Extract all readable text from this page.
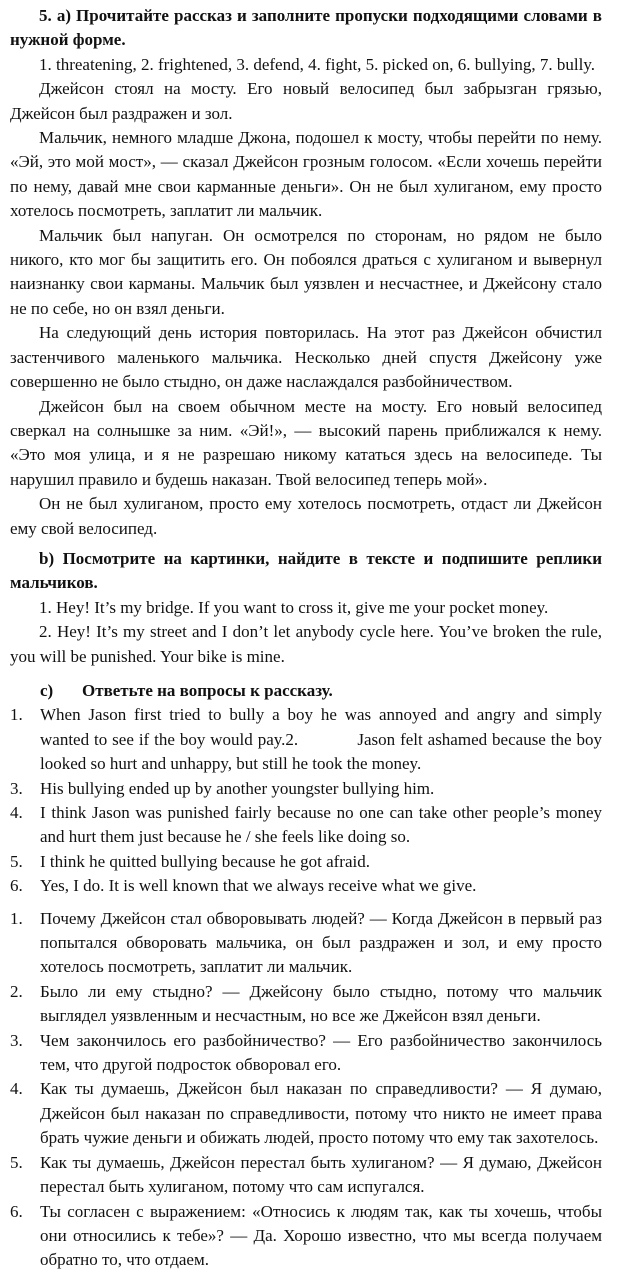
5. а) Прочитайте рассказ и заполните пропуски подходящими словами в нужной форме.

1. threatening, 2. frightened, 3. defend, 4. fight, 5. picked on, 6. bullying, 7. bully.

Джейсон стоял на мосту. Его новый велосипед был забрызган грязью, Джейсон был раздражен и зол.

Мальчик, немного младше Джона, подошел к мосту, чтобы перейти по нему. «Эй, это мой мост», — сказал Джейсон грозным голосом. «Если хочешь перейти по нему, давай мне свои карманные деньги». Он не был хулиганом, ему просто хотелось посмотреть, заплатит ли мальчик.

Мальчик был напуган. Он осмотрелся по сторонам, но рядом не было никого, кто мог бы защитить его. Он побоялся драться с хулиганом и вывернул наизнанку свои карманы. Мальчик был уязвлен и несчастнее, и Джейсону стало не по себе, но он взял деньги.

На следующий день история повторилась. На этот раз Джейсон обчистил застенчивого маленького мальчика. Несколько дней спустя Джейсону уже совершенно не было стыдно, он даже наслаждался разбойничеством.

Джейсон был на своем обычном месте на мосту. Его новый велосипед сверкал на солнышке за ним. «Эй!», — высокий парень приближался к нему. «Это моя улица, и я не разрешаю никому кататься здесь на велосипеде. Ты нарушил правило и будешь наказан. Твой велосипед теперь мой».

Он не был хулиганом, просто ему хотелось посмотреть, отдаст ли Джейсон ему свой велосипед.

b) Посмотрите на картинки, найдите в тексте и подпишите реплики мальчиков.

1. Hey! It’s my bridge. If you want to cross it, give me your pocket money.

2. Hey! It’s my street and I don’t let anybody cycle here. You’ve broken the rule, you will be punished. Your bike is mine.

c) Ответьте на вопросы к рассказу.
1.	When Jason first tried to bully a boy he was annoyed and angry and simply wanted to see if the boy would pay.2.            Jason felt ashamed because the boy looked so hurt and unhappy, but still he took the money.
3.	His bullying ended up by another youngster bullying him.
4.	I think Jason was punished fairly because no one can take other people’s money and hurt them just because he / she feels like doing so.
5.	I think he quitted bullying because he got afraid.
6.	Yes, I do. It is well known that we always receive what we give.
1.	Почему Джейсон стал обворовывать людей? — Когда Джейсон в первый раз попытался обворовать мальчика, он был раздражен и зол, и ему просто хотелось посмотреть, заплатит ли мальчик.
2.	Было ли ему стыдно? — Джейсону было стыдно, потому что мальчик выглядел уязвленным и несчастным, но все же Джейсон взял деньги.
3.	Чем закончилось его разбойничество? — Его разбойничество закончилось тем, что другой подросток обворовал его.
4.	Как ты думаешь, Джейсон был наказан по справедливости? — Я думаю, Джейсон был наказан по справедливости, потому что никто не имеет права брать чужие деньги и обижать людей, просто потому что ему так захотелось.
5.	Как ты думаешь, Джейсон перестал быть хулиганом? — Я думаю, Джейсон перестал быть хулиганом, потому что сам испугался.
6.	Ты согласен с выражением: «Относись к людям так, как ты хочешь, чтобы они относились к тебе»? — Да. Хорошо известно, что мы всегда получаем обратно то, что отдаем.
